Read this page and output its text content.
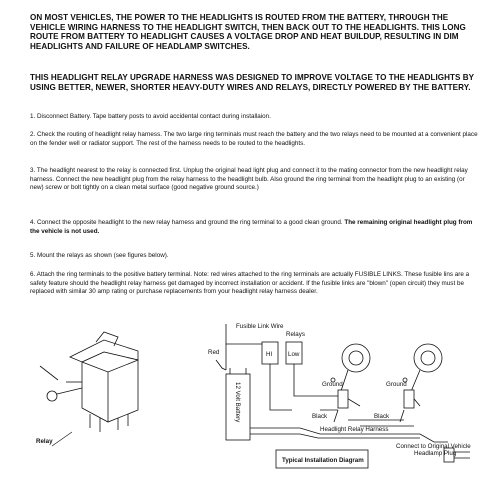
ON MOST VEHICLES, THE POWER TO THE HEADLIGHTS IS ROUTED FROM THE BATTERY, THROUGH THE VEHICLE WIRING HARNESS TO THE HEADLIGHT SWITCH, THEN BACK OUT TO THE HEADLIGHTS. THIS LONG ROUTE FROM BATTERY TO HEADLIGHT CAUSES A VOLTAGE DROP AND HEAT BUILDUP, RESULTING IN DIM HEADLIGHTS AND FAILURE OF HEADLAMP SWITCHES.

THIS HEADLIGHT RELAY UPGRADE HARNESS WAS DESIGNED TO IMPROVE VOLTAGE TO THE HEADLIGHTS BY USING BETTER, NEWER, SHORTER HEAVY-DUTY WIRES AND RELAYS, DIRECTLY POWERED BY THE BATTERY.

1. Disconnect Battery. Tape battery posts to avoid accidental contact during installaion.

2. Check the routing of headlight relay harness. The two large ring terminals must reach the battery and the two relays need to be mounted at a convenient place on the fender well or radiator support. The rest of the harness needs to be routed to the headlights.

3. The headlight nearest to the relay is connected first. Unplug the original head light plug and connect it to the mating connector from the new headlight relay harness. Connect the new headlight plug from the relay harness to the headlight bulb. Also ground the ring terminal from the headlight plug to an existing (or new) screw or bolt tightly on a clean metal surface (good negative ground source.)

4. Connect the opposite headlight to the new relay harness and ground the ring terminal to a good clean ground. The remaining original headlight plug from the vehicle is not used.

5. Mount the relays as shown (see figures below).

6. Attach the ring terminals to the positive battery terminal. Note: red wires attached to the ring terminals are actually FUSIBLE LINKS. These fusible lins are a safety feature should the headlight relay harness get damaged by incorrect installation or accident. If the fusible links are "blown" (open circuit) they must be replaced with similar 30 amp rating or purchase replacements from your headlight relay harness dealer.

Relay
Fusible Link Wire
Relays
Red	HI	Low
12 Volt Battery	Ground	Ground
Black	Black
Headlight Relay Harness
Connect to Original Vehicle
Headlamp Plug
Typical Installation Diagram
